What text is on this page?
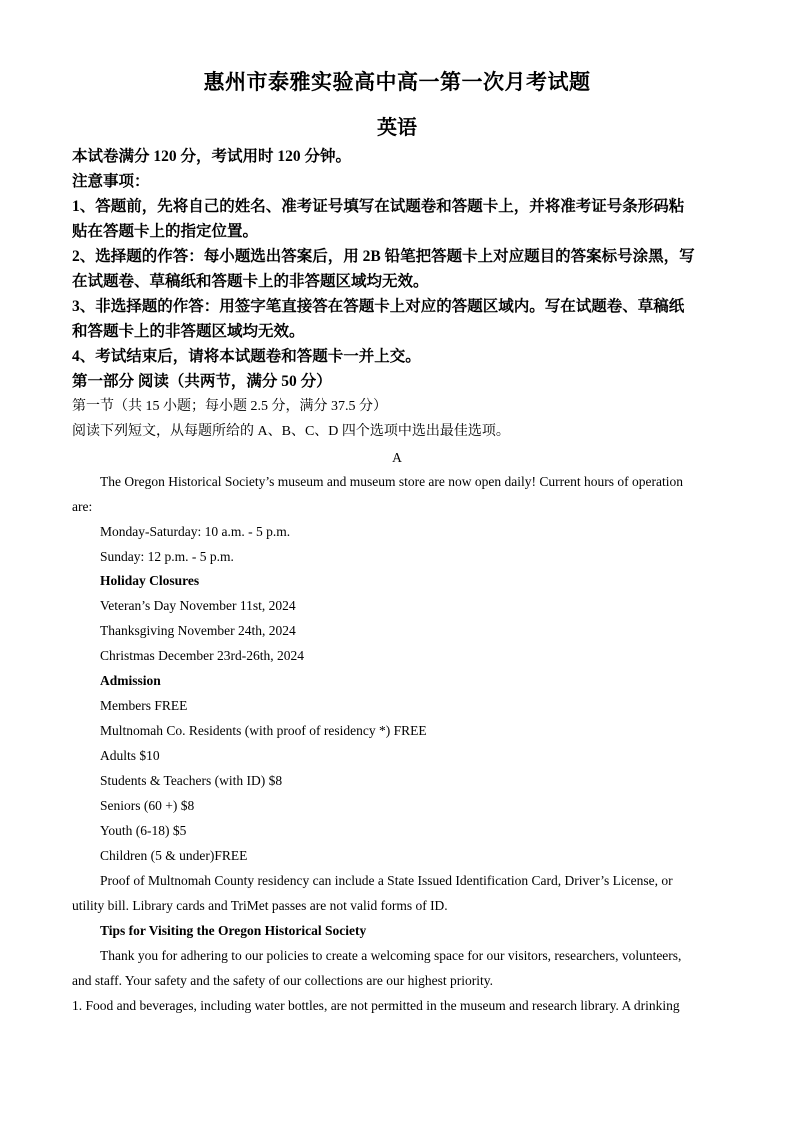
惠州市泰雅实验高中高一第一次月考试题
英语
本试卷满分 120 分，考试用时 120 分钟。
注意事项：
1、答题前，先将自己的姓名、准考证号填写在试题卷和答题卡上，并将准考证号条形码粘
贴在答题卡上的指定位置。
2、选择题的作答：每小题选出答案后，用 2B 铅笔把答题卡上对应题目的答案标号涂黑，写
在试题卷、草稿纸和答题卡上的非答题区域均无效。
3、非选择题的作答：用签字笔直接答在答题卡上对应的答题区域内。写在试题卷、草稿纸
和答题卡上的非答题区域均无效。
4、考试结束后，请将本试题卷和答题卡一并上交。
第一部分 阅读（共两节，满分 50 分）
第一节（共 15 小题；每小题 2.5 分，满分 37.5 分）
阅读下列短文，从每题所给的 A、B、C、D 四个选项中选出最佳选项。
A
The Oregon Historical Society’s museum and museum store are now open daily! Current hours of operation
are:
Monday-Saturday: 10 a.m. - 5 p.m.
Sunday: 12 p.m. - 5 p.m.
Holiday Closures
Veteran’s Day November 11st, 2024
Thanksgiving November 24th, 2024
Christmas December 23rd-26th, 2024
Admission
Members FREE
Multnomah Co. Residents (with proof of residency *) FREE
Adults $10
Students & Teachers (with ID) $8
Seniors (60 +) $8
Youth (6-18) $5
Children (5 & under)FREE
Proof of Multnomah County residency can include a State Issued Identification Card, Driver’s License, or
utility bill. Library cards and TriMet passes are not valid forms of ID.
Tips for Visiting the Oregon Historical Society
Thank you for adhering to our policies to create a welcoming space for our visitors, researchers, volunteers,
and staff. Your safety and the safety of our collections are our highest priority.
1. Food and beverages, including water bottles, are not permitted in the museum and research library. A drinking
